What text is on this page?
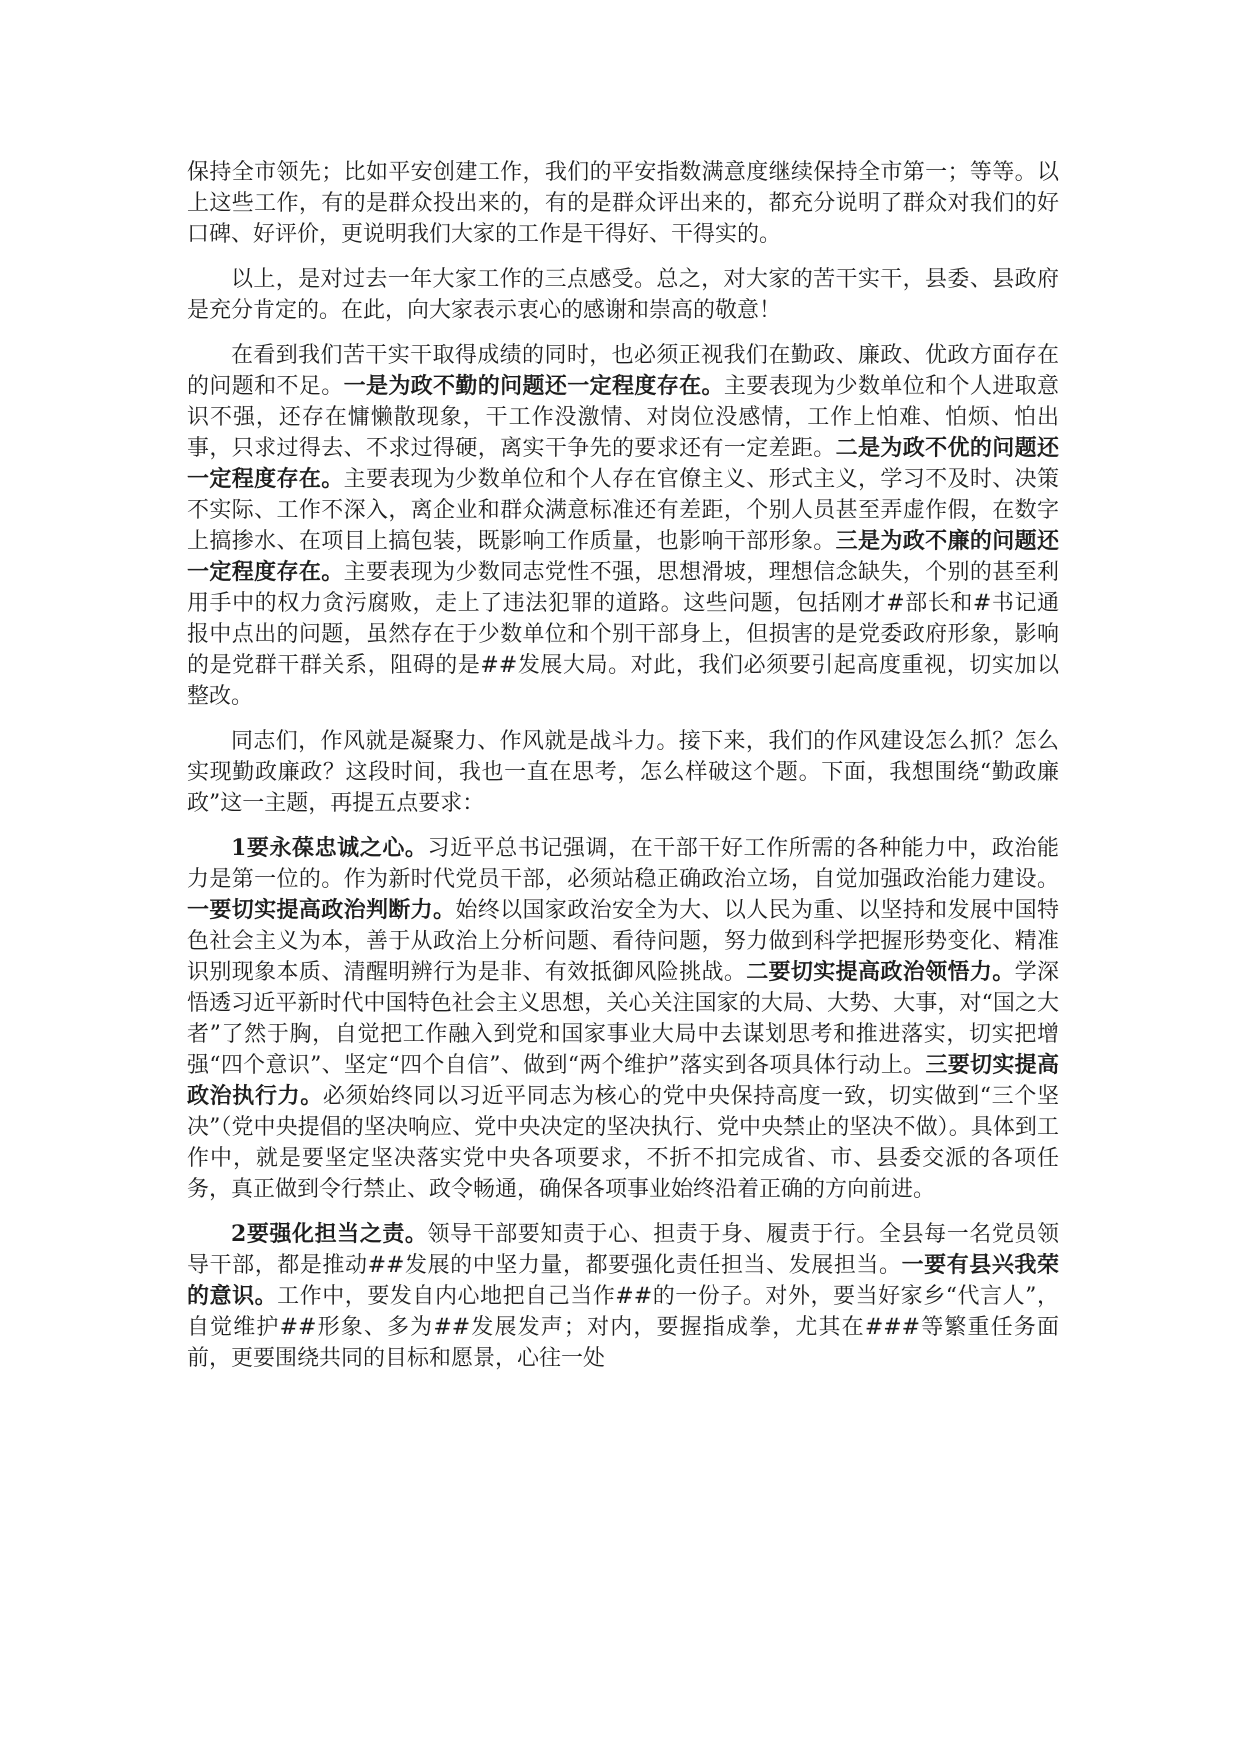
保持全市领先；比如平安创建工作，我们的平安指数满意度继续保持全市第一；等等。以上这些工作，有的是群众投出来的，有的是群众评出来的，都充分说明了群众对我们的好口碑、好评价，更说明我们大家的工作是干得好、干得实的。

以上，是对过去一年大家工作的三点感受。总之，对大家的苦干实干，县委、县政府是充分肯定的。在此，向大家表示衷心的感谢和崇高的敬意！

在看到我们苦干实干取得成绩的同时，也必须正视我们在勤政、廉政、优政方面存在的问题和不足。一是为政不勤的问题还一定程度存在。主要表现为少数单位和个人进取意识不强，还存在慵懒散现象，干工作没激情、对岗位没感情，工作上怕难、怕烦、怕出事，只求过得去、不求过得硬，离实干争先的要求还有一定差距。二是为政不优的问题还一定程度存在。主要表现为少数单位和个人存在官僚主义、形式主义，学习不及时、决策不实际、工作不深入，离企业和群众满意标准还有差距，个别人员甚至弄虚作假，在数字上搞掺水、在项目上搞包装，既影响工作质量，也影响干部形象。三是为政不廉的问题还一定程度存在。主要表现为少数同志党性不强，思想滑坡，理想信念缺失，个别的甚至利用手中的权力贪污腐败，走上了违法犯罪的道路。这些问题，包括刚才#部长和#书记通报中点出的问题，虽然存在于少数单位和个别干部身上，但损害的是党委政府形象，影响的是党群干群关系，阻碍的是##发展大局。对此，我们必须要引起高度重视，切实加以整改。

同志们，作风就是凝聚力、作风就是战斗力。接下来，我们的作风建设怎么抓？怎么实现勤政廉政？这段时间，我也一直在思考，怎么样破这个题。下面，我想围绕“勤政廉政”这一主题，再提五点要求：

1要永葆忠诚之心。习近平总书记强调，在干部干好工作所需的各种能力中，政治能力是第一位的。作为新时代党员干部，必须站稳正确政治立场，自觉加强政治能力建设。一要切实提高政治判断力。始终以国家政治安全为大、以人民为重、以坚持和发展中国特色社会主义为本，善于从政治上分析问题、看待问题，努力做到科学把握形势变化、精准识别现象本质、清醒明辨行为是非、有效抵御风险挑战。二要切实提高政治领悟力。学深悟透习近平新时代中国特色社会主义思想，关心关注国家的大局、大势、大事，对“国之大者”了然于胸，自觉把工作融入到党和国家事业大局中去谋划思考和推进落实，切实把增强“四个意识”、坚定“四个自信”、做到“两个维护”落实到各项具体行动上。三要切实提高政治执行力。必须始终同以习近平同志为核心的党中央保持高度一致，切实做到“三个坚决”（党中央提倡的坚决响应、党中央决定的坚决执行、党中央禁止的坚决不做）。具体到工作中，就是要坚定坚决落实党中央各项要求，不折不扣完成省、市、县委交派的各项任务，真正做到令行禁止、政令畅通，确保各项事业始终沿着正确的方向前进。

2要强化担当之责。领导干部要知责于心、担责于身、履责于行。全县每一名党员领导干部，都是推动##发展的中坚力量，都要强化责任担当、发展担当。一要有县兴我荣的意识。工作中，要发自内心地把自己当作##的一份子。对外，要当好家乡“代言人”，自觉维护##形象、多为##发展发声；对内，要握指成拳，尤其在###等繁重任务面前，更要围绕共同的目标和愿景，心往一处
